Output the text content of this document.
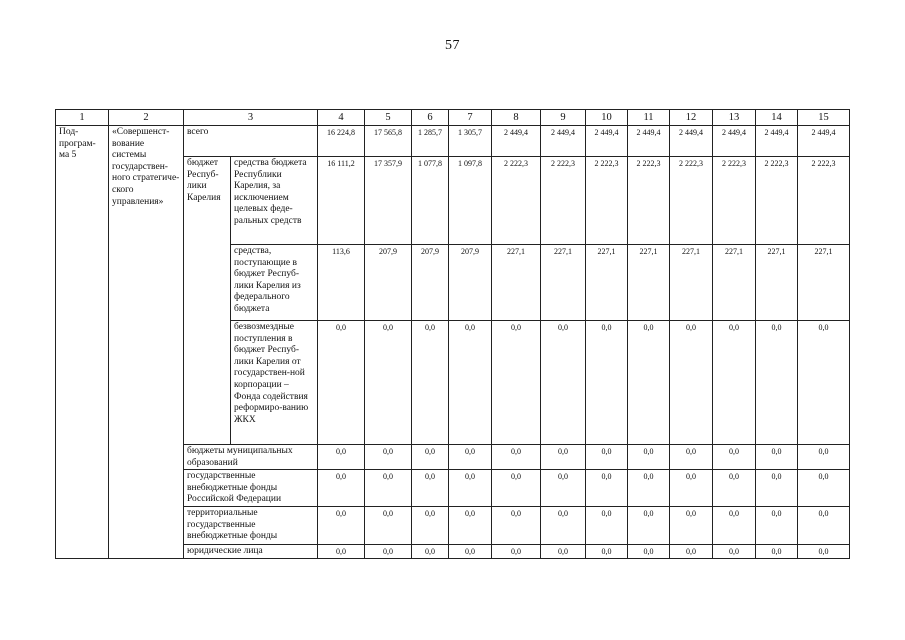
57
1	2	3		4	5	6	7	8	9	10	11	12	13	14	15
Под-програм-ма 5	«Совершенст-вование системы государствен-ного стратегиче-ского управления»	всего		16 224,8	17 565,8	1 285,7	1 305,7	2 449,4	2 449,4	2 449,4	2 449,4	2 449,4	2 449,4	2 449,4	2 449,4
		бюджет Респуб-лики Карелия	средства бюджета Республики Карелия, за исключением целевых феде-ральных средств	16 111,2	17 357,9	1 077,8	1 097,8	2 222,3	2 222,3	2 222,3	2 222,3	2 222,3	2 222,3	2 222,3	2 222,3
			средства, поступающие в бюджет Респуб-лики Карелия из федерального бюджета	113,6	207,9	207,9	207,9	227,1	227,1	227,1	227,1	227,1	227,1	227,1	227,1
			безвозмездные поступления в бюджет Респуб-лики Карелия от государствен-ной корпорации – Фонда содействия реформиро-ванию ЖКХ	0,0	0,0	0,0	0,0	0,0	0,0	0,0	0,0	0,0	0,0	0,0	0,0
		бюджеты муниципальных образований		0,0	0,0	0,0	0,0	0,0	0,0	0,0	0,0	0,0	0,0	0,0	0,0
		государственные внебюджетные фонды Российской Федерации		0,0	0,0	0,0	0,0	0,0	0,0	0,0	0,0	0,0	0,0	0,0	0,0
		территориальные государственные внебюджетные фонды		0,0	0,0	0,0	0,0	0,0	0,0	0,0	0,0	0,0	0,0	0,0	0,0
		юридические лица		0,0	0,0	0,0	0,0	0,0	0,0	0,0	0,0	0,0	0,0	0,0	0,0
